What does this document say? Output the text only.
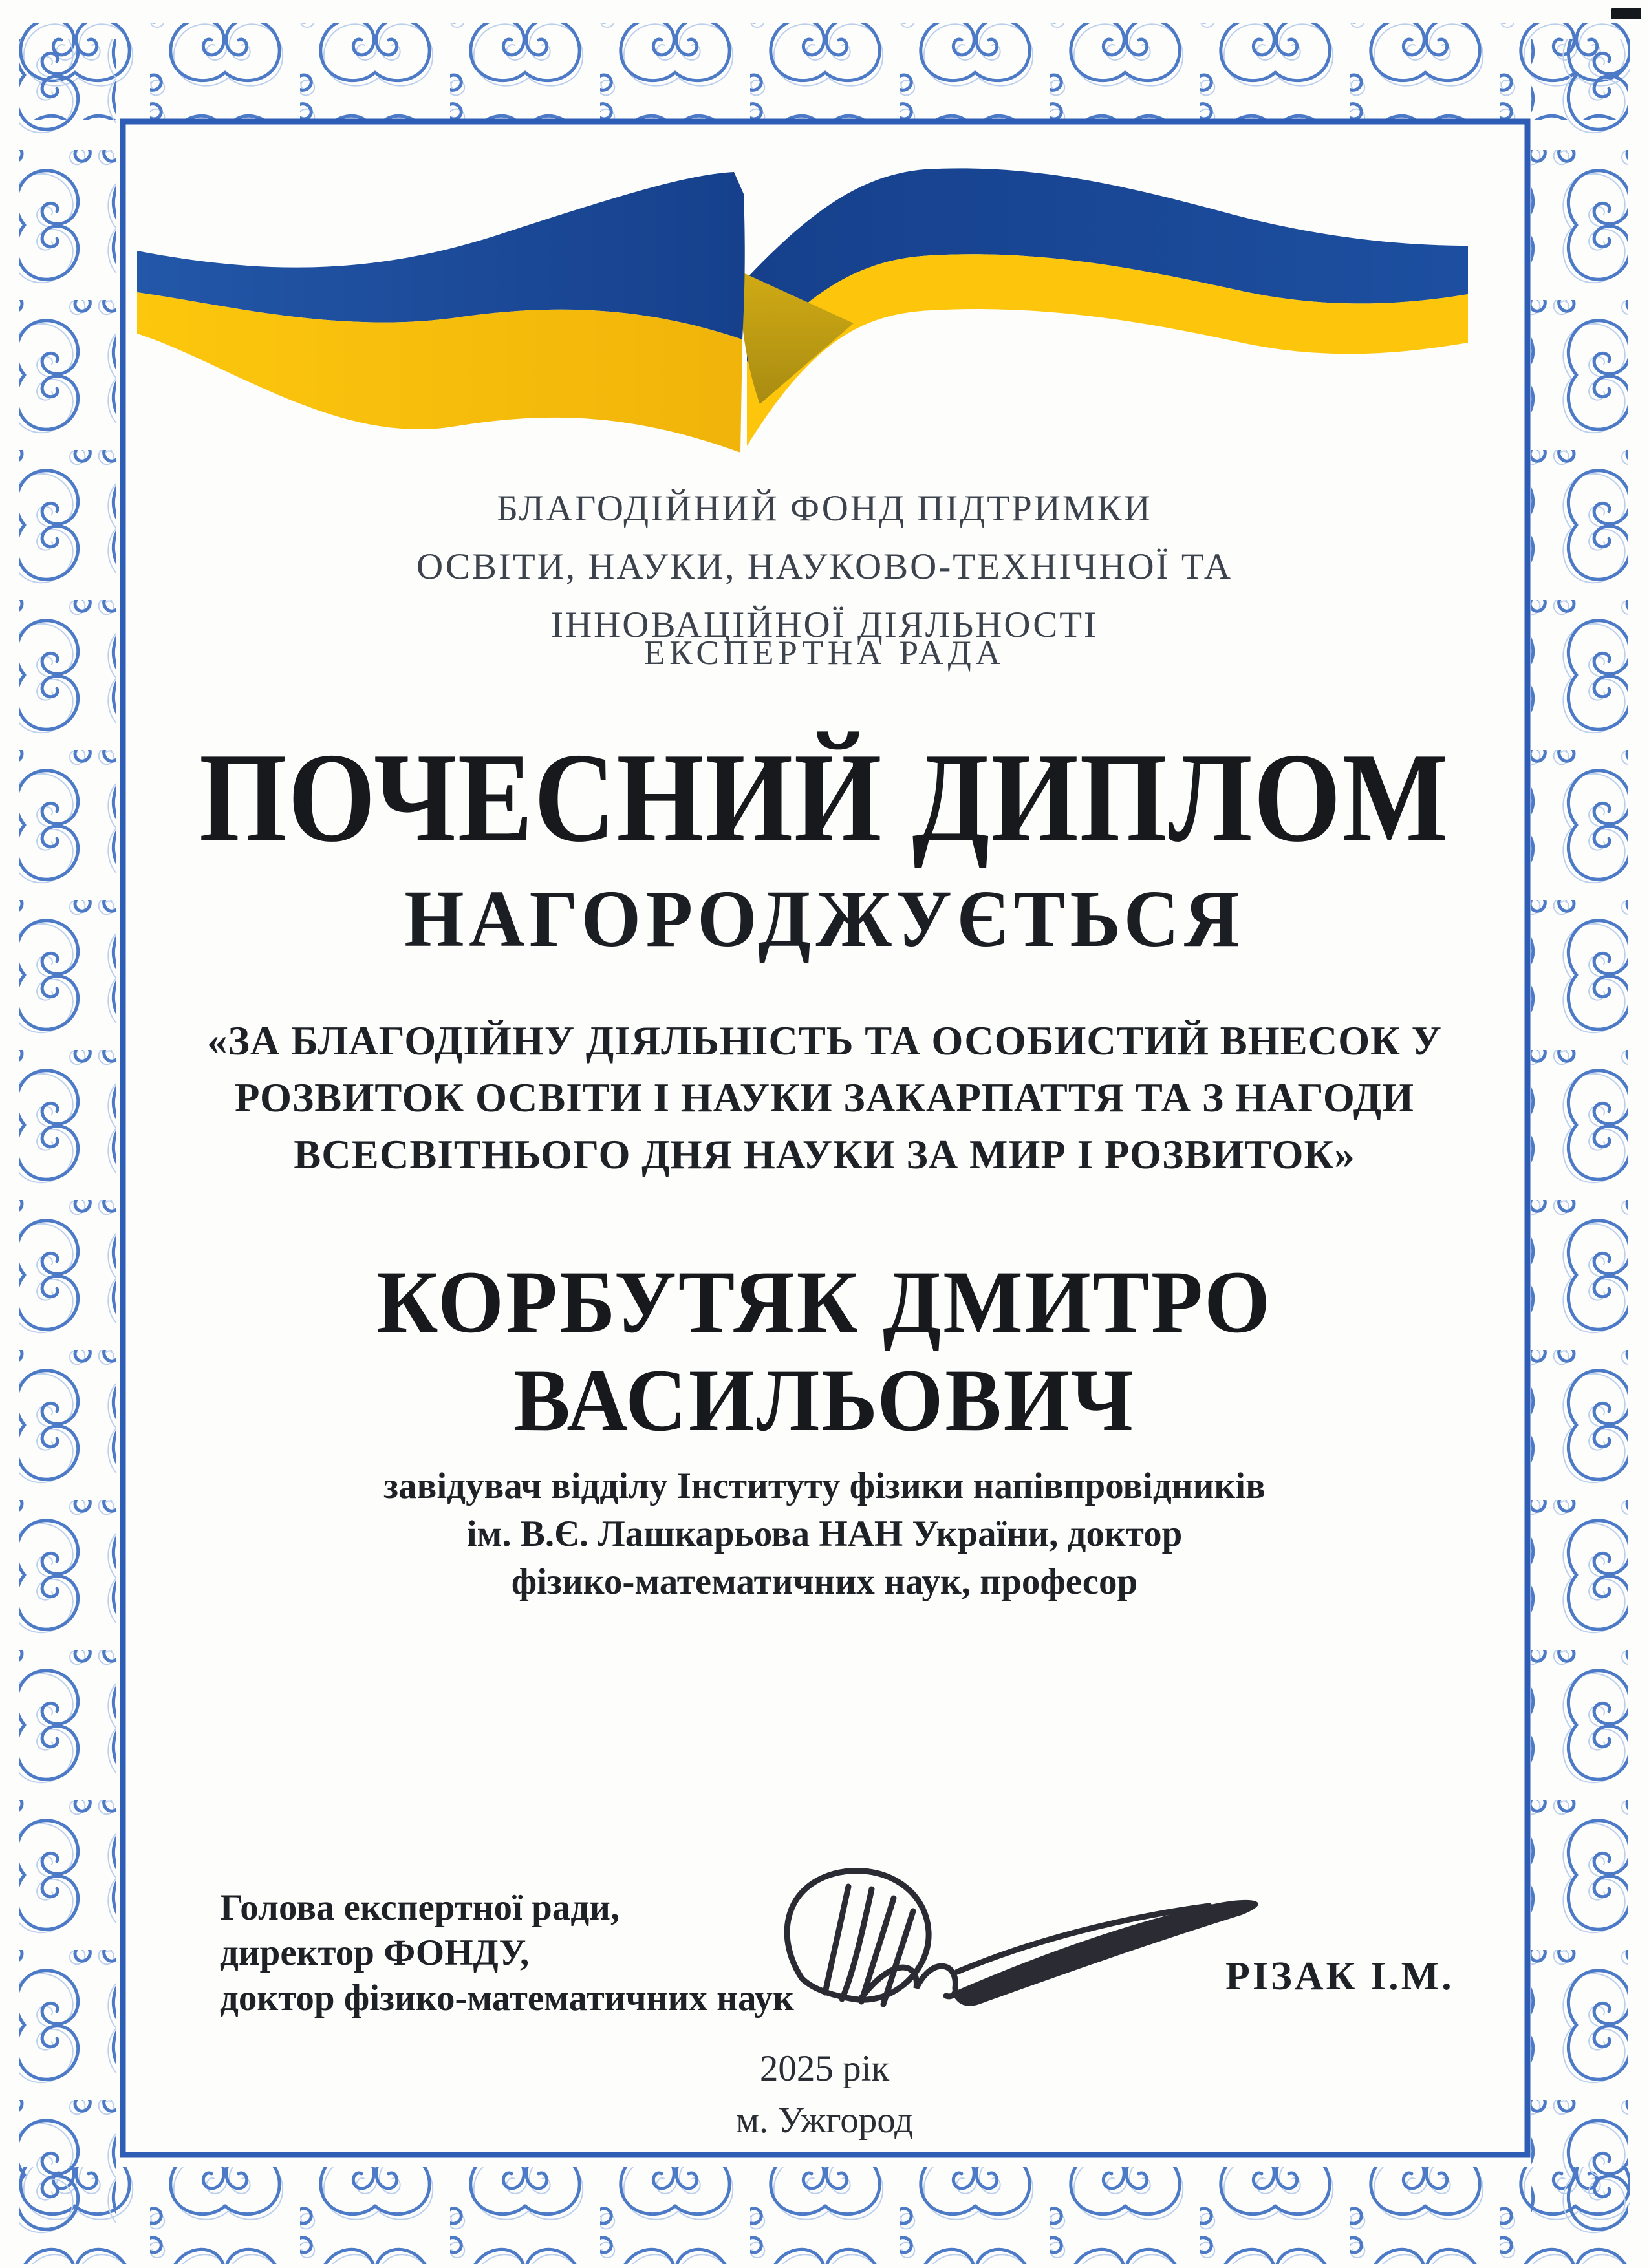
БЛАГОДІЙНИЙ ФОНД ПІДТРИМКИ
ОСВІТИ, НАУКИ, НАУКОВО-ТЕХНІЧНОЇ ТА
ІННОВАЦІЙНОЇ ДІЯЛЬНОСТІ
ЕКСПЕРТНА РАДА
ПОЧЕСНИЙ ДИПЛОМ
НАГОРОДЖУЄТЬСЯ
«ЗА БЛАГОДІЙНУ ДІЯЛЬНІСТЬ ТА ОСОБИСТИЙ ВНЕСОК У
РОЗВИТОК ОСВІТИ І НАУКИ ЗАКАРПАТТЯ ТА З НАГОДИ
ВСЕСВІТНЬОГО ДНЯ НАУКИ ЗА МИР І РОЗВИТОК»
КОРБУТЯК ДМИТРО
ВАСИЛЬОВИЧ
завідувач відділу Інституту фізики напівпровідників
ім. В.Є. Лашкарьова НАН України, доктор
фізико-математичних наук, професор
Голова експертної ради,
директор ФОНДУ,
доктор фізико-математичних наук	РІЗАК І.М.
2025 рік
м. Ужгород
